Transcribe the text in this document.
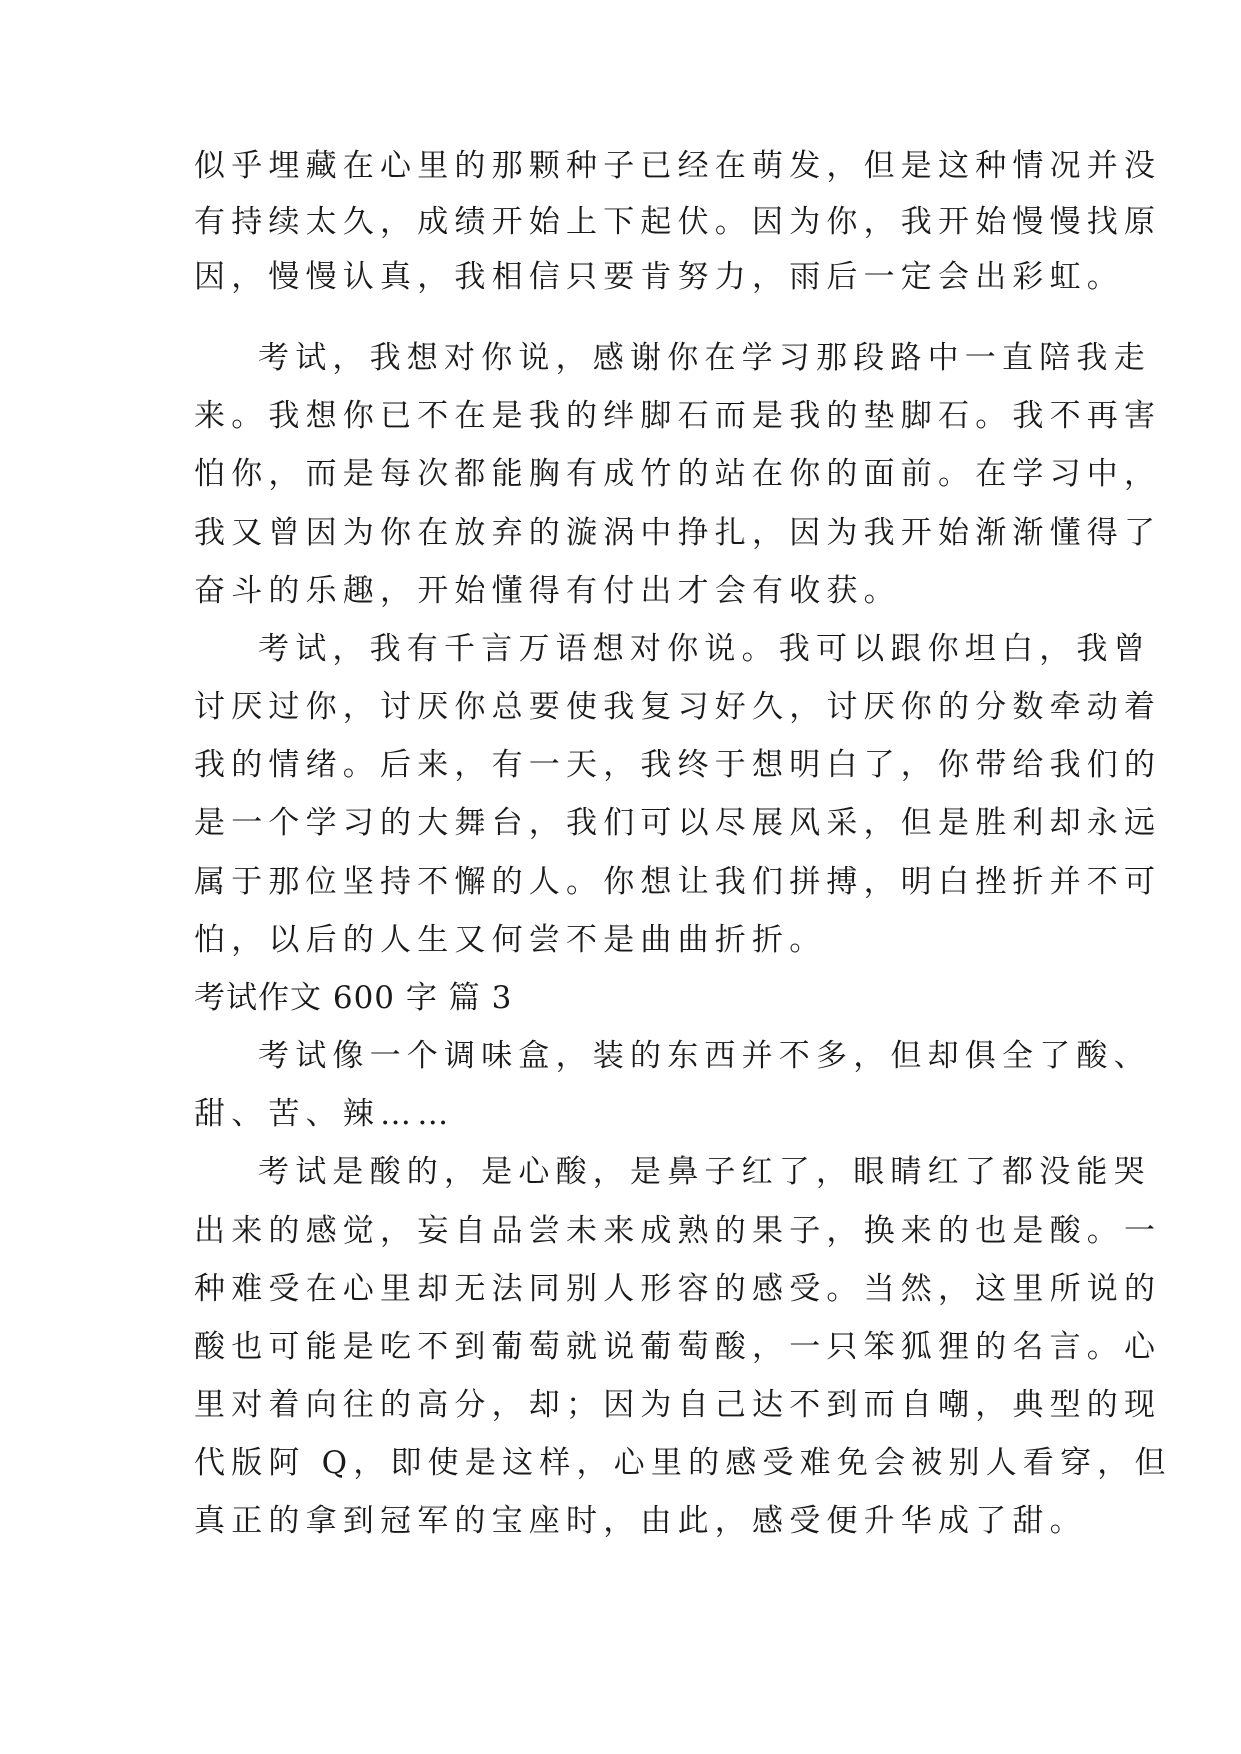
似乎埋藏在心里的那颗种子已经在萌发，但是这种情况并没
有持续太久，成绩开始上下起伏。因为你，我开始慢慢找原
因，慢慢认真，我相信只要肯努力，雨后一定会出彩虹。
考试，我想对你说，感谢你在学习那段路中一直陪我走
来。我想你已不在是我的绊脚石而是我的垫脚石。我不再害
怕你，而是每次都能胸有成竹的站在你的面前。在学习中，
我又曾因为你在放弃的漩涡中挣扎，因为我开始渐渐懂得了
奋斗的乐趣，开始懂得有付出才会有收获。
考试，我有千言万语想对你说。我可以跟你坦白，我曾
讨厌过你，讨厌你总要使我复习好久，讨厌你的分数牵动着
我的情绪。后来，有一天，我终于想明白了，你带给我们的
是一个学习的大舞台，我们可以尽展风采，但是胜利却永远
属于那位坚持不懈的人。你想让我们拼搏，明白挫折并不可
怕，以后的人生又何尝不是曲曲折折。
考试作文 600 字 篇 3
考试像一个调味盒，装的东西并不多，但却俱全了酸、
甜、苦、辣……
考试是酸的，是心酸，是鼻子红了，眼睛红了都没能哭
出来的感觉，妄自品尝未来成熟的果子，换来的也是酸。一
种难受在心里却无法同别人形容的感受。当然，这里所说的
酸也可能是吃不到葡萄就说葡萄酸，一只笨狐狸的名言。心
里对着向往的高分，却；因为自己达不到而自嘲，典型的现
代版阿 Q，即使是这样，心里的感受难免会被别人看穿，但
真正的拿到冠军的宝座时，由此，感受便升华成了甜。
